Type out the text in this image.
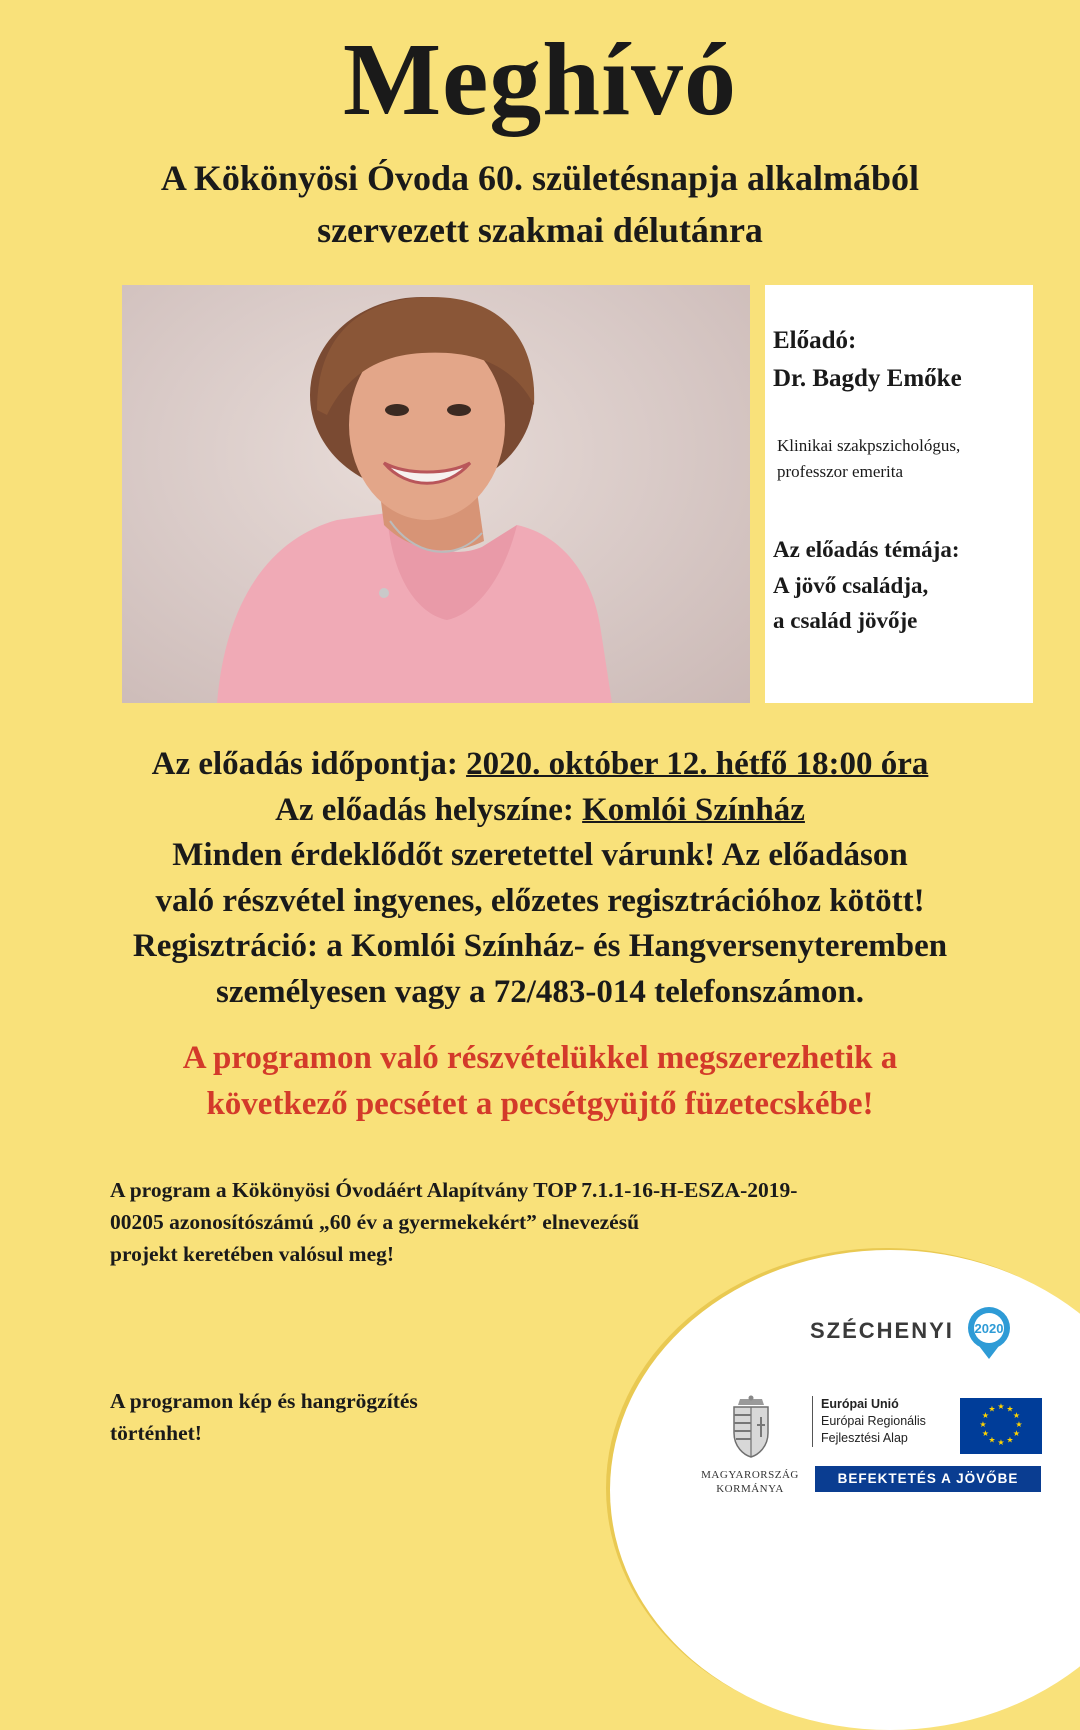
Meghívó
A Kökönyösi Óvoda 60. születésnapja alkalmából
szervezett szakmai délutánra
Előadó:
Dr. Bagdy Emőke
Klinikai szakpszichológus,
professzor emerita
Az előadás témája:
A jövő családja,
a család jövője
Az előadás időpontja: 2020. október 12. hétfő 18:00 óra
Az előadás helyszíne: Komlói Színház
Minden érdeklődőt szeretettel várunk! Az előadáson
való részvétel ingyenes, előzetes regisztrációhoz kötött!
Regisztráció: a Komlói Színház- és Hangversenyteremben
személyesen vagy a 72/483-014 telefonszámon.
A programon való részvételükkel megszerezhetik a
következő pecsétet a pecsétgyüjtő füzetecskébe!
A program a Kökönyösi Óvodáért Alapítvány TOP 7.1.1-16-H-ESZA-2019-
00205 azonosítószámú „60 év a gyermekekért” elnevezésű
projekt keretében valósul meg!
A programon kép és hangrögzítés
történhet!
SZÉCHENYI 2020
MAGYARORSZÁG
KORMÁNYA
Európai Unió
Európai Regionális
Fejlesztési Alap
★ ★
★
★
★
★
★
★
★
★
★
★
BEFEKTETÉS A JÖVŐBE
